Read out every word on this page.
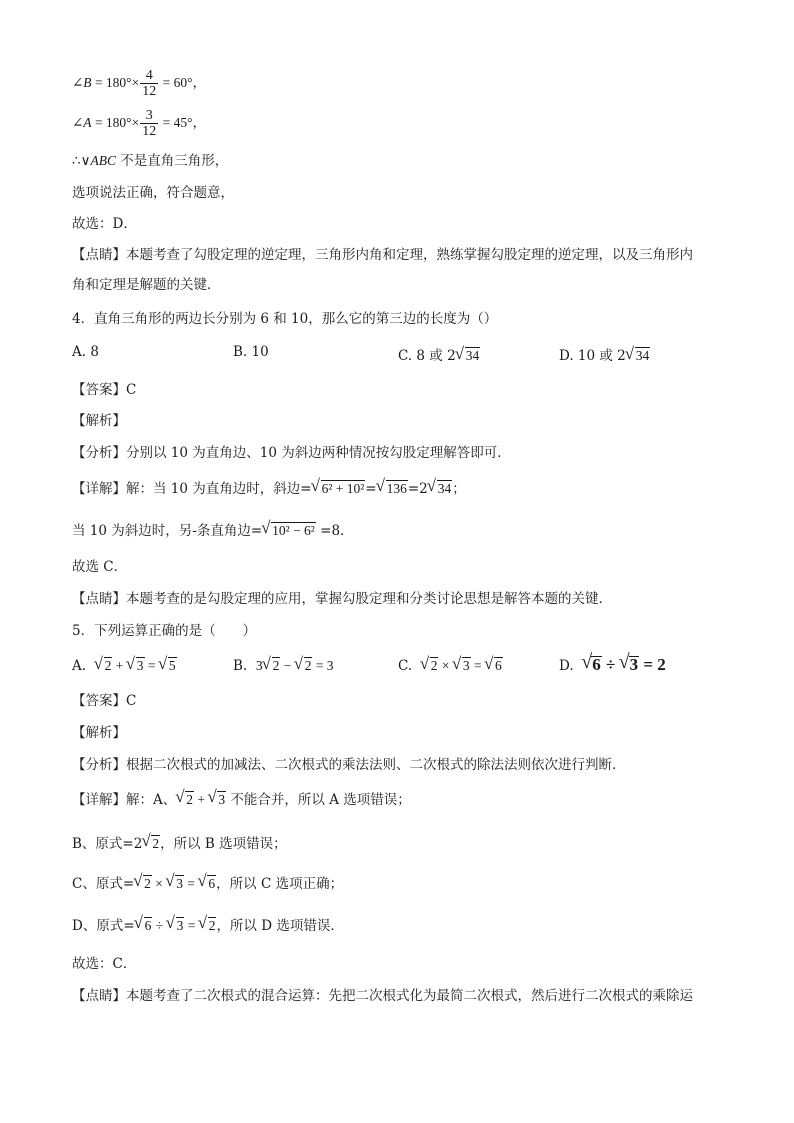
∠B = $180^\circ\times \frac{4}{12} = 60^\circ$，
∠A = $180^\circ\times \frac{3}{12} = 45^\circ$，
∴∨ABC 不是直角三角形，
选项说法正确，符合题意，
故选：D．
【点睛】本题考查了勾股定理的逆定理，三角形内角和定理，熟练掌握勾股定理的逆定理，以及三角形内
角和定理是解题的关键．
4．直角三角形的两边长分别为 6 和 10，那么它的第三边的长度为（）
A. 8	B. 10	C. 8 或 2 √ 34	D. 10 或 2 √ 34
【答案】C
【解析】
【分析】分别以 10 为直角边、10 为斜边两种情况按勾股定理解答即可．
【详解】解：当 10 为直角边时，斜边= √ 6² + 10²= √ 136=2 √ 34；
当 10 为斜边时，另-条直角边= √ 10² − 6² =8．
故选 C．
【点睛】本题考查的是勾股定理的应用，掌握勾股定理和分类讨论思想是解答本题的关键．
5．下列运算正确的是（　　）
A. √ 2 + √ 3 = √ 5	B. 3 √ 2 − √ 2 = 3	C. √ 2 × √ 3 = √ 6	D. √ 6 ÷ √ 3 = 2
【答案】C
【解析】
【分析】根据二次根式的加减法、二次根式的乘法法则、二次根式的除法法则依次进行判断．
【详解】解：A、 √ 2 + √ 3 不能合并，所以 A 选项错误；
B、原式=2 √ 2，所以 B 选项错误；
C、原式= √ 2 × √ 3 = √ 6，所以 C 选项正确；
D、原式= √ 6 ÷ √ 3 = √ 2，所以 D 选项错误．
故选：C．
【点睛】本题考查了二次根式的混合运算：先把二次根式化为最简二次根式，然后进行二次根式的乘除运
